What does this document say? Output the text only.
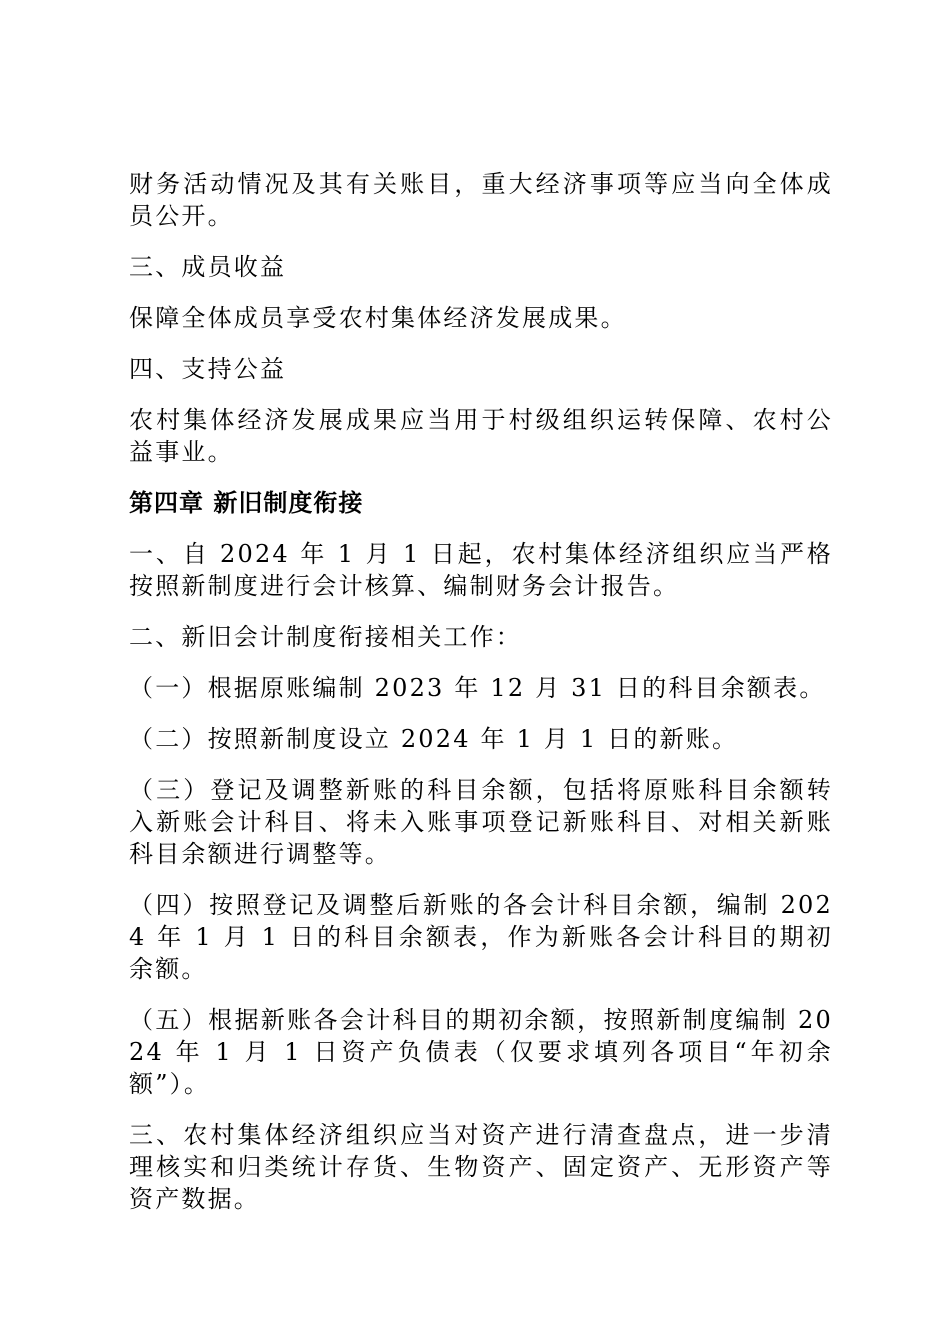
财务活动情况及其有关账目，重大经济事项等应当向全体成员公开。

三、成员收益

保障全体成员享受农村集体经济发展成果。

四、支持公益

农村集体经济发展成果应当用于村级组织运转保障、农村公益事业。

第四章 新旧制度衔接

一、自 2024 年 1 月 1 日起，农村集体经济组织应当严格按照新制度进行会计核算、编制财务会计报告。

二、新旧会计制度衔接相关工作：

（一）根据原账编制 2023 年 12 月 31 日的科目余额表。

（二）按照新制度设立 2024 年 1 月 1 日的新账。

（三）登记及调整新账的科目余额，包括将原账科目余额转入新账会计科目、将未入账事项登记新账科目、对相关新账科目余额进行调整等。

（四）按照登记及调整后新账的各会计科目余额，编制 2024 年 1 月 1 日的科目余额表，作为新账各会计科目的期初余额。

（五）根据新账各会计科目的期初余额，按照新制度编制 2024 年 1 月 1 日资产负债表（仅要求填列各项目“年初余额”）。

三、农村集体经济组织应当对资产进行清查盘点，进一步清理核实和归类统计存货、生物资产、固定资产、无形资产等资产数据。
